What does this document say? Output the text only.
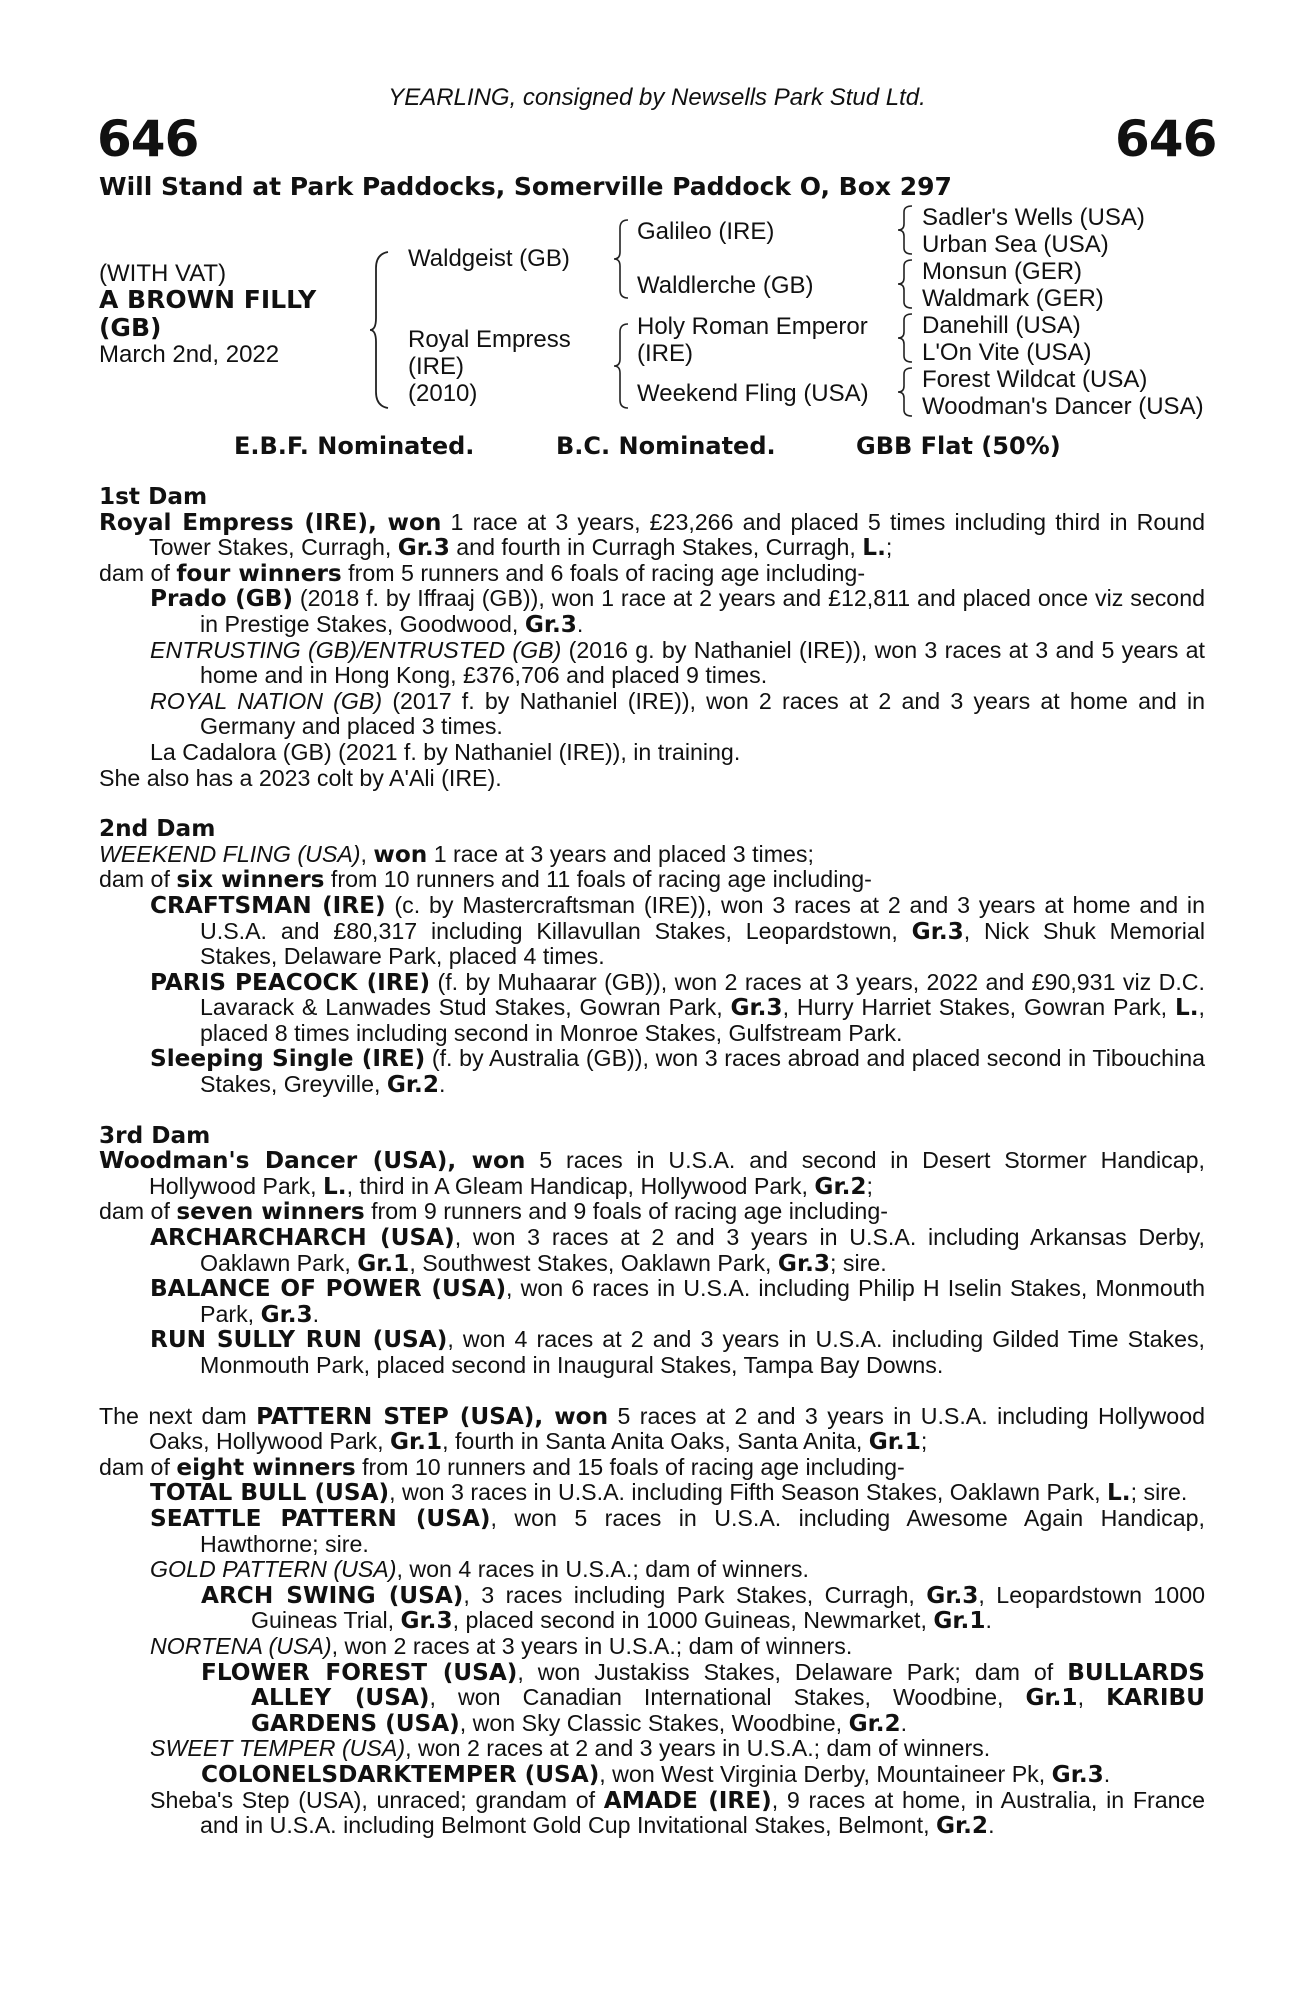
YEARLING, consigned by Newsells Park Stud Ltd.
646	646
Will Stand at Park Paddocks, Somerville Paddock O, Box 297
(WITH VAT)
A BROWN FILLY
(GB)
March 2nd, 2022
Waldgeist (GB)
Royal Empress
(IRE)
(2010)
Galileo (IRE)
Waldlerche (GB)
Holy Roman Emperor
(IRE)
Weekend Fling (USA)
Sadler's Wells (USA)
Urban Sea (USA)
Monsun (GER)
Waldmark (GER)
Danehill (USA)
L'On Vite (USA)
Forest Wildcat (USA)
Woodman's Dancer (USA)
E.B.F. Nominated.	B.C. Nominated.	GBB Flat (50%)

1st Dam

Royal Empress (IRE), won 1 race at 3 years, £23,266 and placed 5 times including third in Round Tower Stakes, Curragh, Gr.3 and fourth in Curragh Stakes, Curragh, L.;

dam of four winners from 5 runners and 6 foals of racing age including-

Prado (GB) (2018 f. by Iffraaj (GB)), won 1 race at 2 years and £12,811 and placed once viz second in Prestige Stakes, Goodwood, Gr.3.

ENTRUSTING (GB)/ENTRUSTED (GB) (2016 g. by Nathaniel (IRE)), won 3 races at 3 and 5 years at home and in Hong Kong, £376,706 and placed 9 times.

ROYAL NATION (GB) (2017 f. by Nathaniel (IRE)), won 2 races at 2 and 3 years at home and in Germany and placed 3 times.

La Cadalora (GB) (2021 f. by Nathaniel (IRE)), in training.

She also has a 2023 colt by A'Ali (IRE).

2nd Dam

WEEKEND FLING (USA), won 1 race at 3 years and placed 3 times;

dam of six winners from 10 runners and 11 foals of racing age including-

CRAFTSMAN (IRE) (c. by Mastercraftsman (IRE)), won 3 races at 2 and 3 years at home and in U.S.A. and £80,317 including Killavullan Stakes, Leopardstown, Gr.3, Nick Shuk Memorial Stakes, Delaware Park, placed 4 times.

PARIS PEACOCK (IRE) (f. by Muhaarar (GB)), won 2 races at 3 years, 2022 and £90,931 viz D.C. Lavarack & Lanwades Stud Stakes, Gowran Park, Gr.3, Hurry Harriet Stakes, Gowran Park, L., placed 8 times including second in Monroe Stakes, Gulfstream Park.

Sleeping Single (IRE) (f. by Australia (GB)), won 3 races abroad and placed second in Tibouchina Stakes, Greyville, Gr.2.

3rd Dam

Woodman's Dancer (USA), won 5 races in U.S.A. and second in Desert Stormer Handicap, Hollywood Park, L., third in A Gleam Handicap, Hollywood Park, Gr.2;

dam of seven winners from 9 runners and 9 foals of racing age including-

ARCHARCHARCH (USA), won 3 races at 2 and 3 years in U.S.A. including Arkansas Derby, Oaklawn Park, Gr.1, Southwest Stakes, Oaklawn Park, Gr.3; sire.

BALANCE OF POWER (USA), won 6 races in U.S.A. including Philip H Iselin Stakes, Monmouth Park, Gr.3.

RUN SULLY RUN (USA), won 4 races at 2 and 3 years in U.S.A. including Gilded Time Stakes, Monmouth Park, placed second in Inaugural Stakes, Tampa Bay Downs.

The next dam PATTERN STEP (USA), won 5 races at 2 and 3 years in U.S.A. including Hollywood Oaks, Hollywood Park, Gr.1, fourth in Santa Anita Oaks, Santa Anita, Gr.1;

dam of eight winners from 10 runners and 15 foals of racing age including-

TOTAL BULL (USA), won 3 races in U.S.A. including Fifth Season Stakes, Oaklawn Park, L.; sire.

SEATTLE PATTERN (USA), won 5 races in U.S.A. including Awesome Again Handicap, Hawthorne; sire.

GOLD PATTERN (USA), won 4 races in U.S.A.; dam of winners.

ARCH SWING (USA), 3 races including Park Stakes, Curragh, Gr.3, Leopardstown 1000 Guineas Trial, Gr.3, placed second in 1000 Guineas, Newmarket, Gr.1.

NORTENA (USA), won 2 races at 3 years in U.S.A.; dam of winners.

FLOWER FOREST (USA), won Justakiss Stakes, Delaware Park; dam of BULLARDS ALLEY (USA), won Canadian International Stakes, Woodbine, Gr.1, KARIBU GARDENS (USA), won Sky Classic Stakes, Woodbine, Gr.2.

SWEET TEMPER (USA), won 2 races at 2 and 3 years in U.S.A.; dam of winners.

COLONELSDARKTEMPER (USA), won West Virginia Derby, Mountaineer Pk, Gr.3.

Sheba's Step (USA), unraced; grandam of AMADE (IRE), 9 races at home, in Australia, in France and in U.S.A. including Belmont Gold Cup Invitational Stakes, Belmont, Gr.2.
